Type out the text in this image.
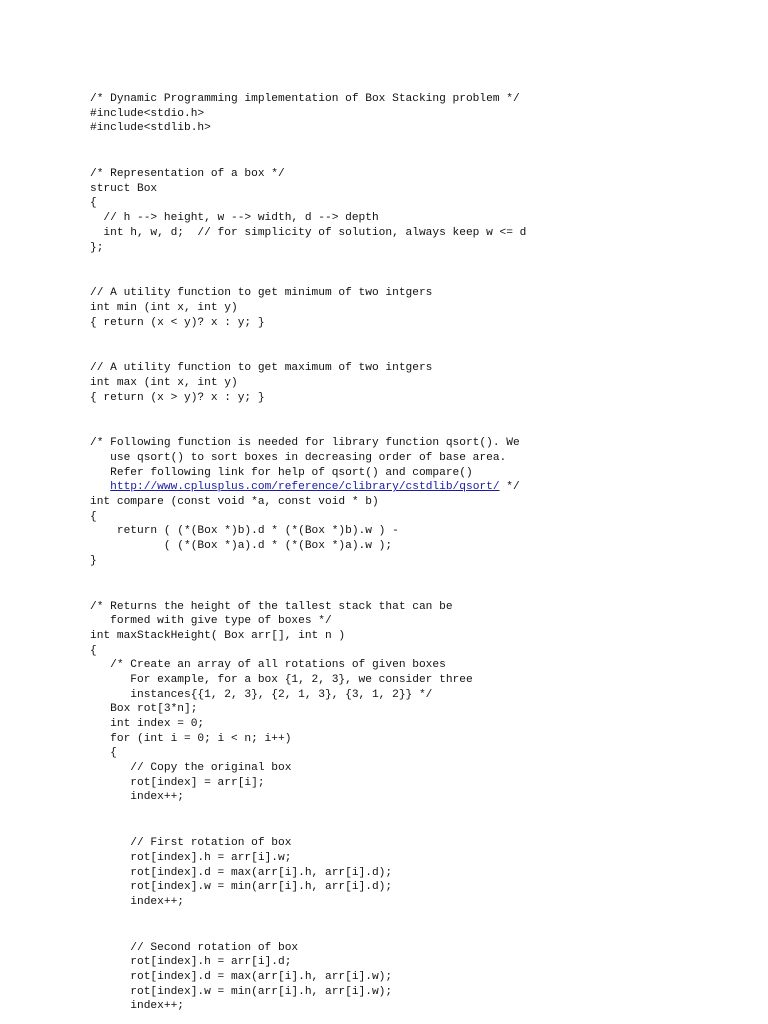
/* Dynamic Programming implementation of Box Stacking problem */
#include<stdio.h>
#include<stdlib.h>
/* Representation of a box */
struct Box
{
// h --> height, w --> width, d --> depth
int h, w, d;  // for simplicity of solution, always keep w <= d
};
// A utility function to get minimum of two intgers
int min (int x, int y)
{ return (x < y)? x : y; }
// A utility function to get maximum of two intgers
int max (int x, int y)
{ return (x > y)? x : y; }
/* Following function is needed for library function qsort(). We
use qsort() to sort boxes in decreasing order of base area.
Refer following link for help of qsort() and compare()
http://www.cplusplus.com/reference/clibrary/cstdlib/qsort/ */
int compare (const void *a, const void * b)
{
return ( (*(Box *)b).d * (*(Box *)b).w ) -
( (*(Box *)a).d * (*(Box *)a).w );
}
/* Returns the height of the tallest stack that can be
formed with give type of boxes */
int maxStackHeight( Box arr[], int n )
{
/* Create an array of all rotations of given boxes
For example, for a box {1, 2, 3}, we consider three
instances{{1, 2, 3}, {2, 1, 3}, {3, 1, 2}} */
Box rot[3*n];
int index = 0;
for (int i = 0; i < n; i++)
{
// Copy the original box
rot[index] = arr[i];
index++;
// First rotation of box
rot[index].h = arr[i].w;
rot[index].d = max(arr[i].h, arr[i].d);
rot[index].w = min(arr[i].h, arr[i].d);
index++;
// Second rotation of box
rot[index].h = arr[i].d;
rot[index].d = max(arr[i].h, arr[i].w);
rot[index].w = min(arr[i].h, arr[i].w);
index++;
